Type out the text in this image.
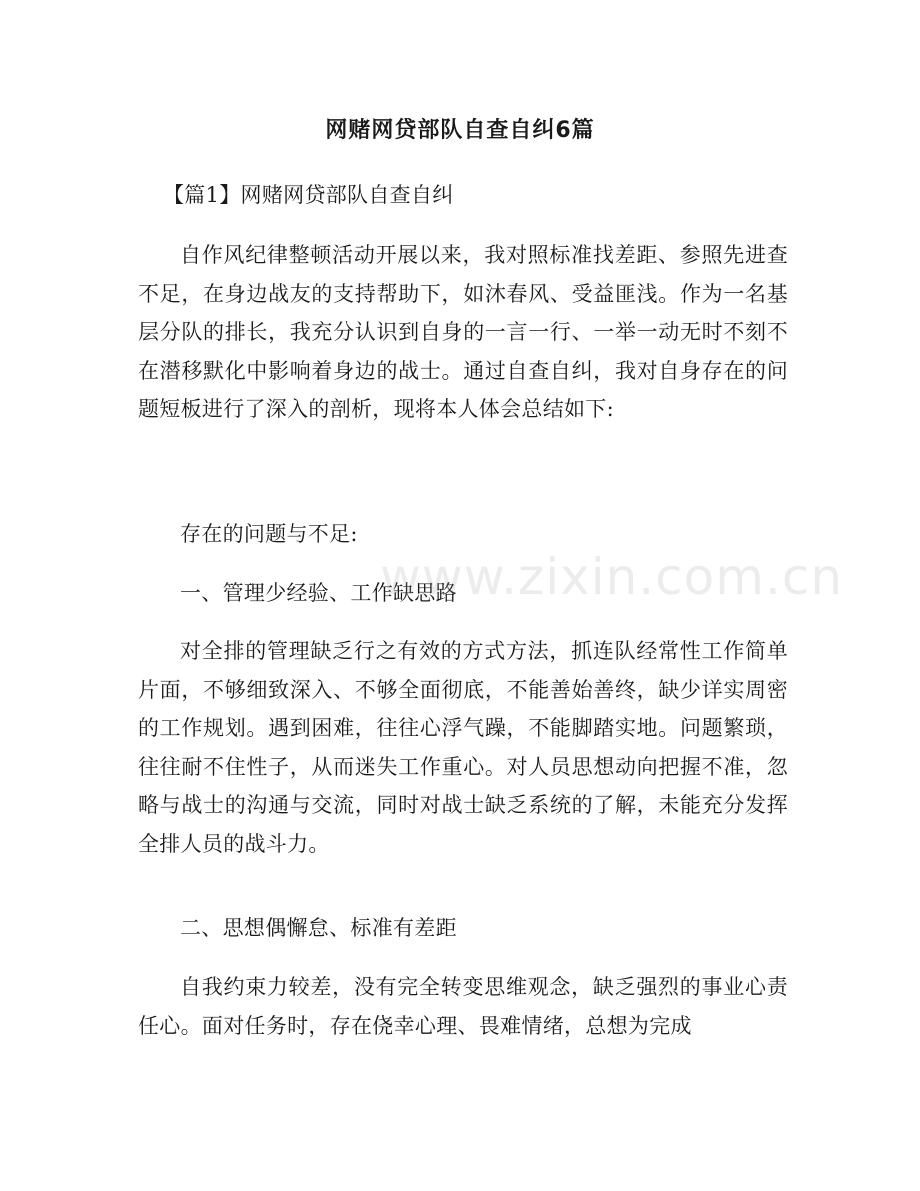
网赌网贷部队自查自纠6篇

【篇1】网赌网贷部队自查自纠

自作风纪律整顿活动开展以来，我对照标准找差距、参照先进查不足，在身边战友的支持帮助下，如沐春风、受益匪浅。作为一名基层分队的排长，我充分认识到自身的一言一行、一举一动无时不刻不在潜移默化中影响着身边的战士。通过自查自纠，我对自身存在的问题短板进行了深入的剖析，现将本人体会总结如下:

存在的问题与不足:

一、管理少经验、工作缺思路

对全排的管理缺乏行之有效的方式方法，抓连队经常性工作简单片面，不够细致深入、不够全面彻底，不能善始善终，缺少详实周密的工作规划。遇到困难，往往心浮气躁，不能脚踏实地。问题繁琐，往往耐不住性子，从而迷失工作重心。对人员思想动向把握不准，忽略与战士的沟通与交流，同时对战士缺乏系统的了解，未能充分发挥全排人员的战斗力。

二、思想偶懈怠、标准有差距

自我约束力较差，没有完全转变思维观念，缺乏强烈的事业心责任心。面对任务时，存在侥幸心理、畏难情绪，总想为完成

www.zixin.com.cn
